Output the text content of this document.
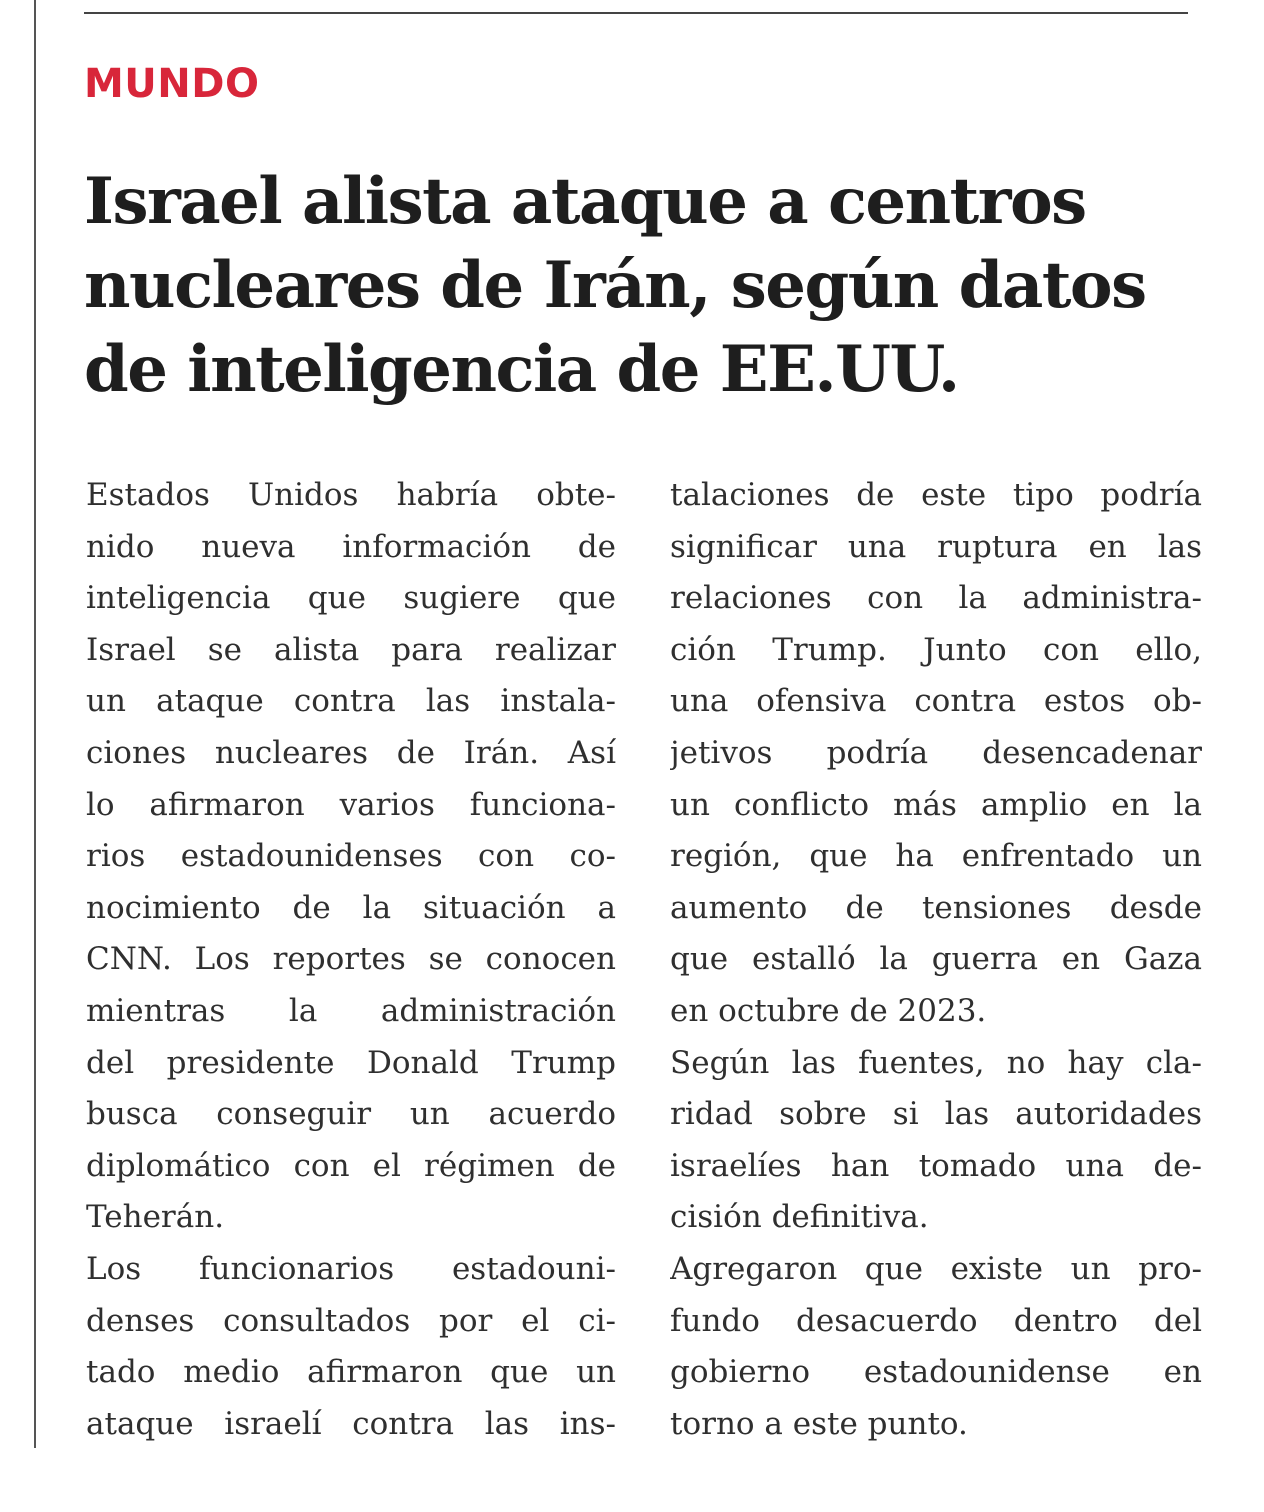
MUNDO
Israel alista ataque a centros
nucleares de Irán, según datos
de inteligencia de EE.UU.
Estados Unidos habría obte-
nido nueva información de
inteligencia que sugiere que
Israel se alista para realizar
un ataque contra las instala-
ciones nucleares de Irán. Así
lo afirmaron varios funciona-
rios estadounidenses con co-
nocimiento de la situación a
CNN. Los reportes se conocen
mientras la administración
del presidente Donald Trump
busca conseguir un acuerdo
diplomático con el régimen de
Teherán.
Los funcionarios estadouni-
denses consultados por el ci-
tado medio afirmaron que un
ataque israelí contra las ins-
talaciones de este tipo podría
significar una ruptura en las
relaciones con la administra-
ción Trump. Junto con ello,
una ofensiva contra estos ob-
jetivos podría desencadenar
un conflicto más amplio en la
región, que ha enfrentado un
aumento de tensiones desde
que estalló la guerra en Gaza
en octubre de 2023.
Según las fuentes, no hay cla-
ridad sobre si las autoridades
israelíes han tomado una de-
cisión definitiva.
Agregaron que existe un pro-
fundo desacuerdo dentro del
gobierno estadounidense en
torno a este punto.
